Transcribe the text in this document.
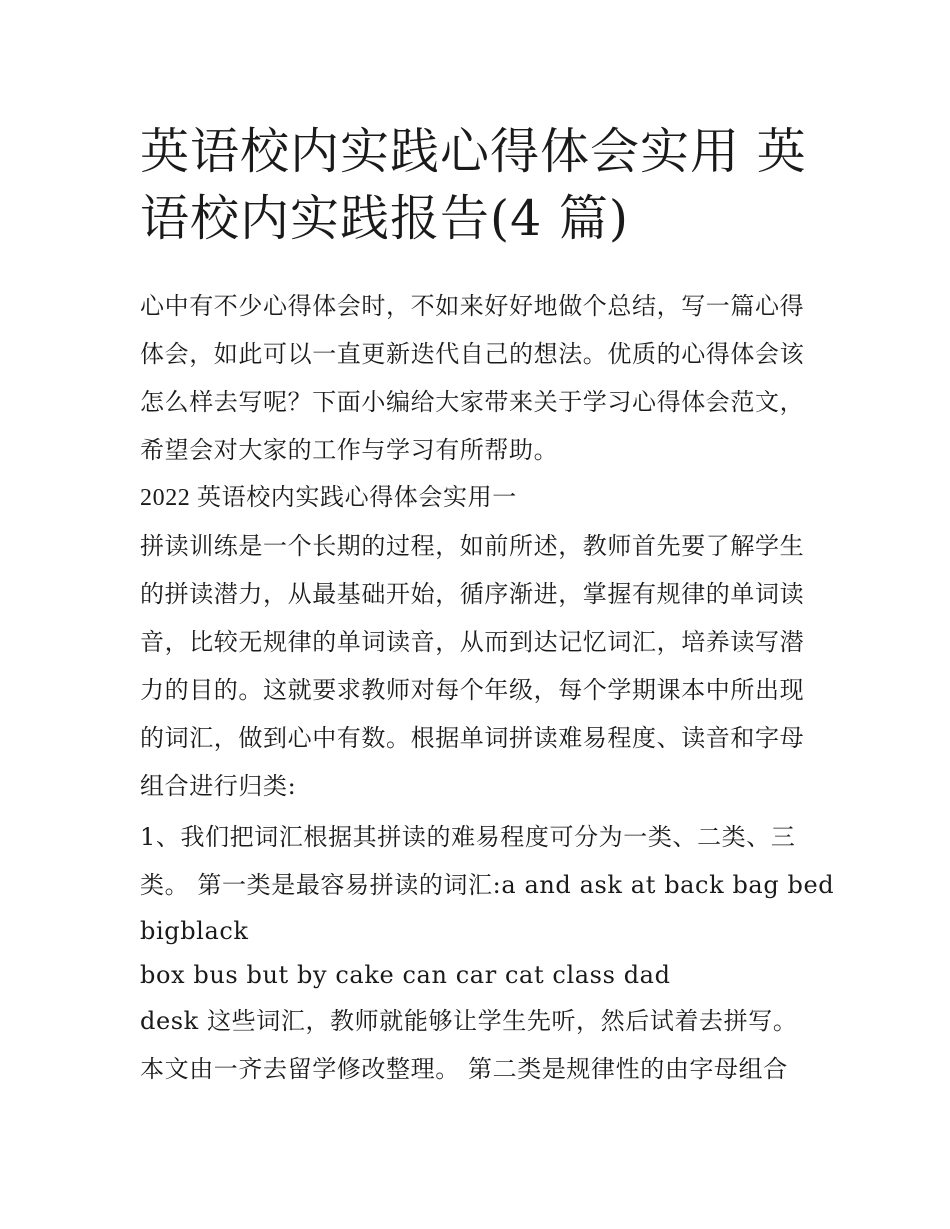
英语校内实践心得体会实用 英
语校内实践报告(4 篇)

心中有不少心得体会时，不如来好好地做个总结，写一篇心得
体会，如此可以一直更新迭代自己的想法。优质的心得体会该
怎么样去写呢？下面小编给大家带来关于学习心得体会范文，
希望会对大家的工作与学习有所帮助。

2022 英语校内实践心得体会实用一

拼读训练是一个长期的过程，如前所述，教师首先要了解学生
的拼读潜力，从最基础开始，循序渐进，掌握有规律的单词读
音，比较无规律的单词读音，从而到达记忆词汇，培养读写潜
力的目的。这就要求教师对每个年级，每个学期课本中所出现
的词汇，做到心中有数。根据单词拼读难易程度、读音和字母
组合进行归类:

1、我们把词汇根据其拼读的难易程度可分为一类、二类、三
类。 第一类是最容易拼读的词汇:a and ask at back bag bed
bigblack
box bus but by cake can car cat class dad
desk 这些词汇，教师就能够让学生先听，然后试着去拼写。
本文由一齐去留学修改整理。 第二类是规律性的由字母组合
